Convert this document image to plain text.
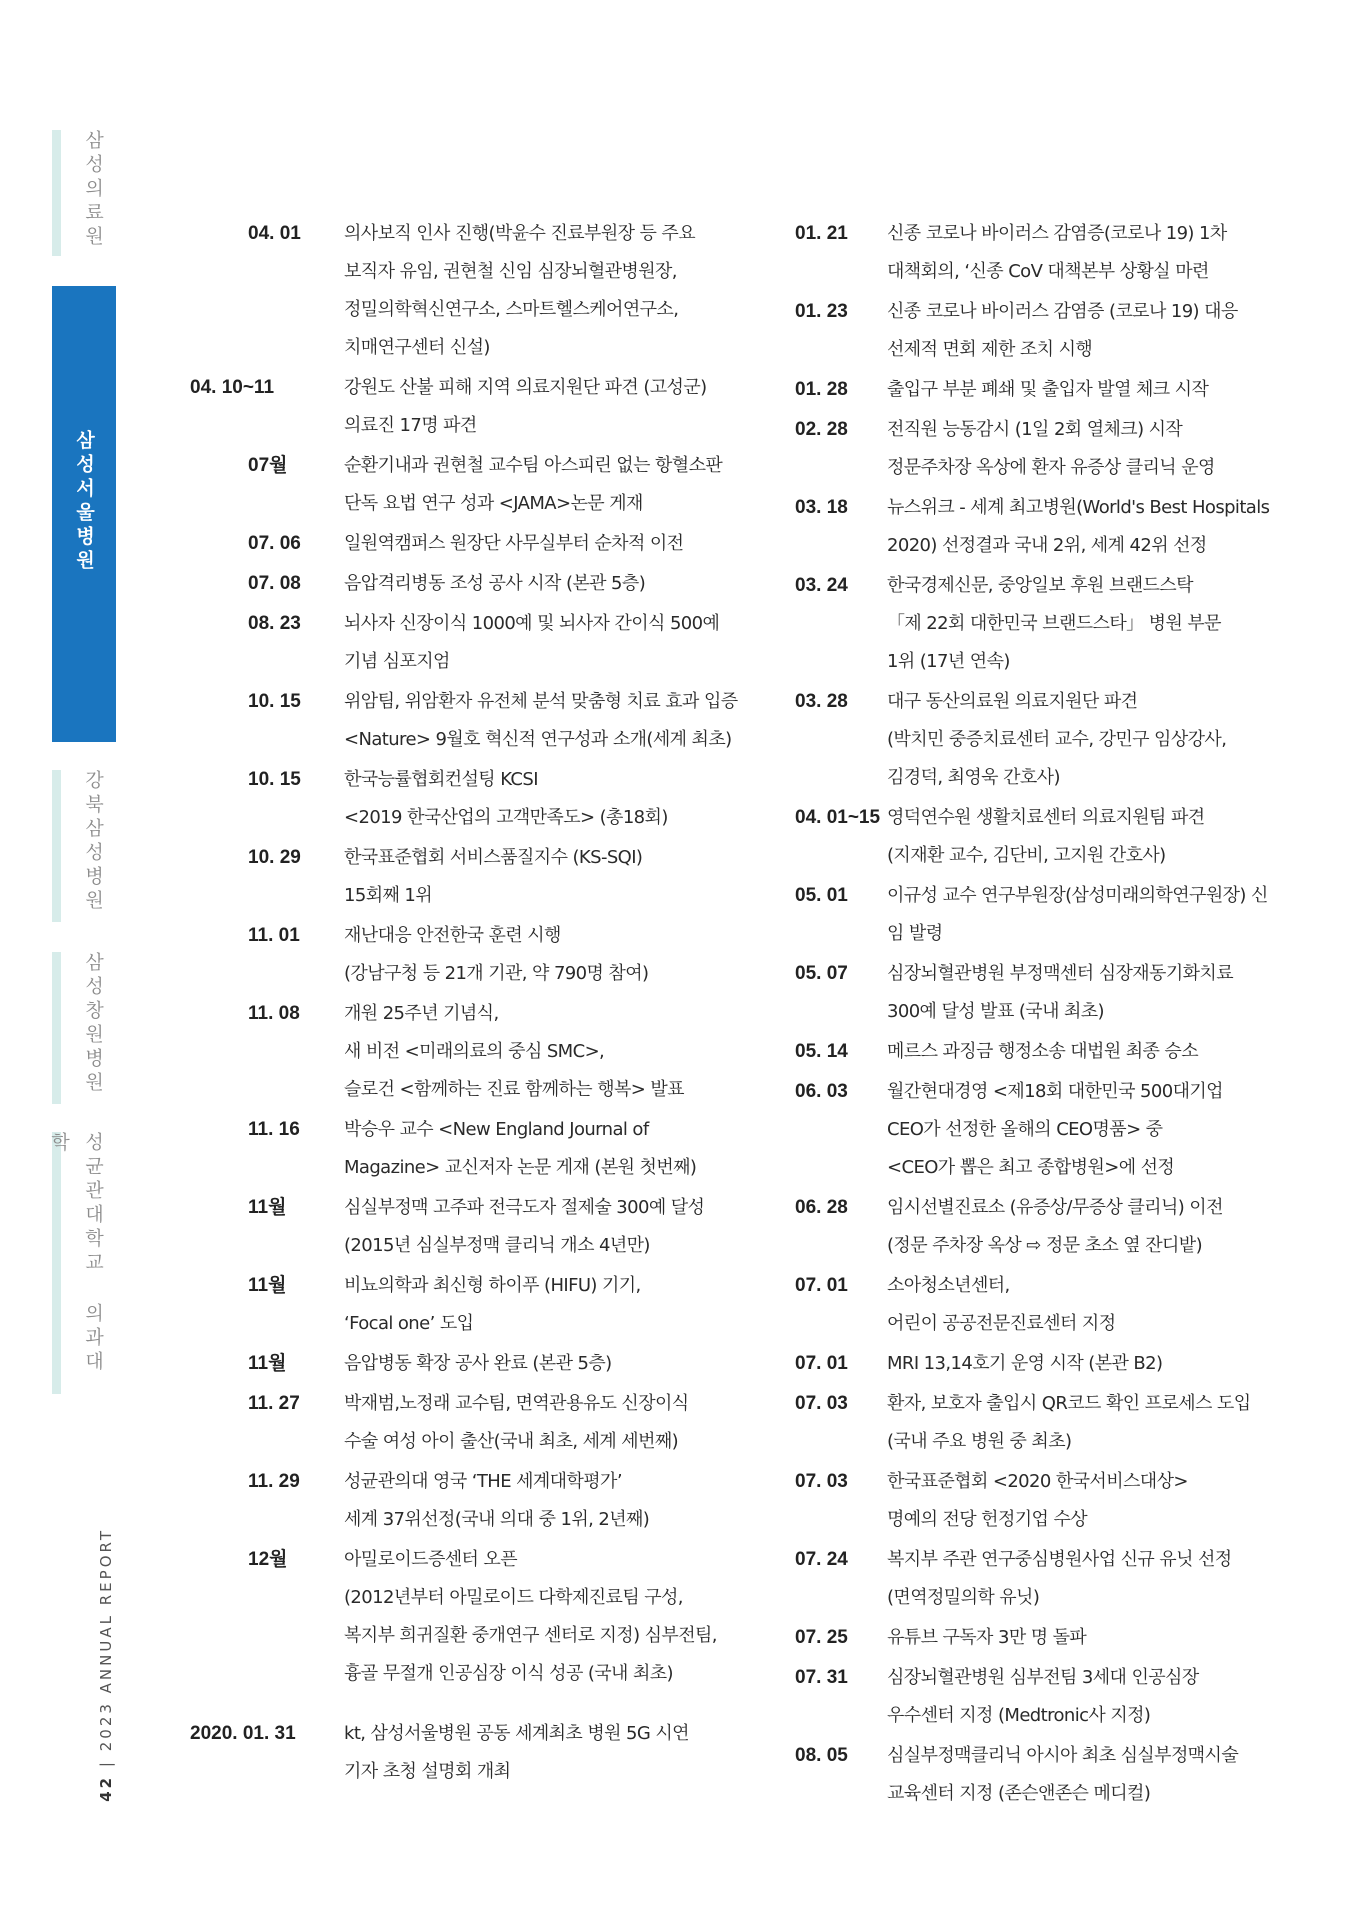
삼성의료원
삼성서울병원
강북삼성병원
삼성창원병원
성균관대학교 의과대학
42 | 2023 ANNUAL REPORT
04. 01	의사보직 인사 진행(박윤수 진료부원장 등 주요
보직자 유임, 권현철 신임 심장뇌혈관병원장,
정밀의학혁신연구소, 스마트헬스케어연구소,
치매연구센터 신설)
04. 10~11	강원도 산불 피해 지역 의료지원단 파견 (고성군)
의료진 17명 파견
07월	순환기내과 권현철 교수팀 아스피린 없는 항혈소판
단독 요법 연구 성과 <JAMA>논문 게재
07. 06	일원역캠퍼스 원장단 사무실부터 순차적 이전
07. 08	음압격리병동 조성 공사 시작 (본관 5층)
08. 23	뇌사자 신장이식 1000예 및 뇌사자 간이식 500예
기념 심포지엄
10. 15	위암팀, 위암환자 유전체 분석 맞춤형 치료 효과 입증
<Nature> 9월호 혁신적 연구성과 소개(세계 최초)
10. 15	한국능률협회컨설팅 KCSI
<2019 한국산업의 고객만족도> (총18회)
10. 29	한국표준협회 서비스품질지수 (KS-SQI)
15회째 1위
11. 01	재난대응 안전한국 훈련 시행
(강남구청 등 21개 기관, 약 790명 참여)
11. 08	개원 25주년 기념식,
새 비전 <미래의료의 중심 SMC>,
슬로건 <함께하는 진료 함께하는 행복> 발표
11. 16	박승우 교수 <New England Journal of
Magazine> 교신저자 논문 게재 (본원 첫번째)
11월	심실부정맥 고주파 전극도자 절제술 300예 달성
(2015년 심실부정맥 클리닉 개소 4년만)
11월	비뇨의학과 최신형 하이푸 (HIFU) 기기,
‘Focal one’ 도입
11월	음압병동 확장 공사 완료 (본관 5층)
11. 27	박재범,노정래 교수팀, 면역관용유도 신장이식
수술 여성 아이 출산(국내 최초, 세계 세번째)
11. 29	성균관의대 영국 ‘THE 세계대학평가’
세계 37위선정(국내 의대 중 1위, 2년째)
12월	아밀로이드증센터 오픈
(2012년부터 아밀로이드 다학제진료팀 구성,
복지부 희귀질환 중개연구 센터로 지정) 심부전팀,
흉골 무절개 인공심장 이식 성공 (국내 최초)
2020. 01. 31	kt, 삼성서울병원 공동 세계최초 병원 5G 시연
기자 초청 설명회 개최
01. 21	신종 코로나 바이러스 감염증(코로나 19) 1차
대책회의, ‘신종 CoV 대책본부 상황실 마련
01. 23	신종 코로나 바이러스 감염증 (코로나 19) 대응
선제적 면회 제한 조치 시행
01. 28	출입구 부분 폐쇄 및 출입자 발열 체크 시작
02. 28	전직원 능동감시 (1일 2회 열체크) 시작
정문주차장 옥상에 환자 유증상 클리닉 운영
03. 18	뉴스위크 - 세계 최고병원(World's Best Hospitals
2020) 선정결과 국내 2위, 세계 42위 선정
03. 24	한국경제신문, 중앙일보 후원 브랜드스탁
「제 22회 대한민국 브랜드스타」 병원 부문
1위 (17년 연속)
03. 28	대구 동산의료원 의료지원단 파견
(박치민 중증치료센터 교수, 강민구 임상강사,
김경덕, 최영욱 간호사)
04. 01~15 영덕연수원 생활치료센터 의료지원팀 파견
(지재환 교수, 김단비, 고지원 간호사)
05. 01	이규성 교수 연구부원장(삼성미래의학연구원장) 신
임 발령
05. 07	심장뇌혈관병원 부정맥센터 심장재동기화치료
300예 달성 발표 (국내 최초)
05. 14	메르스 과징금 행정소송 대법원 최종 승소
06. 03	월간현대경영 <제18회 대한민국 500대기업
CEO가 선정한 올해의 CEO명품> 중
<CEO가 뽑은 최고 종합병원>에 선정
06. 28	임시선별진료소 (유증상/무증상 클리닉) 이전
(정문 주차장 옥상 ⇨ 정문 초소 옆 잔디밭)
07. 01	소아청소년센터,
어린이 공공전문진료센터 지정
07. 01	MRI 13,14호기 운영 시작 (본관 B2)
07. 03	환자, 보호자 출입시 QR코드 확인 프로세스 도입
(국내 주요 병원 중 최초)
07. 03	한국표준협회 <2020 한국서비스대상>
명예의 전당 헌정기업 수상
07. 24	복지부 주관 연구중심병원사업 신규 유닛 선정
(면역정밀의학 유닛)
07. 25	유튜브 구독자 3만 명 돌파
07. 31	심장뇌혈관병원 심부전팀 3세대 인공심장
우수센터 지정 (Medtronic사 지정)
08. 05	심실부정맥클리닉 아시아 최초 심실부정맥시술
교육센터 지정 (존슨앤존슨 메디컬)
